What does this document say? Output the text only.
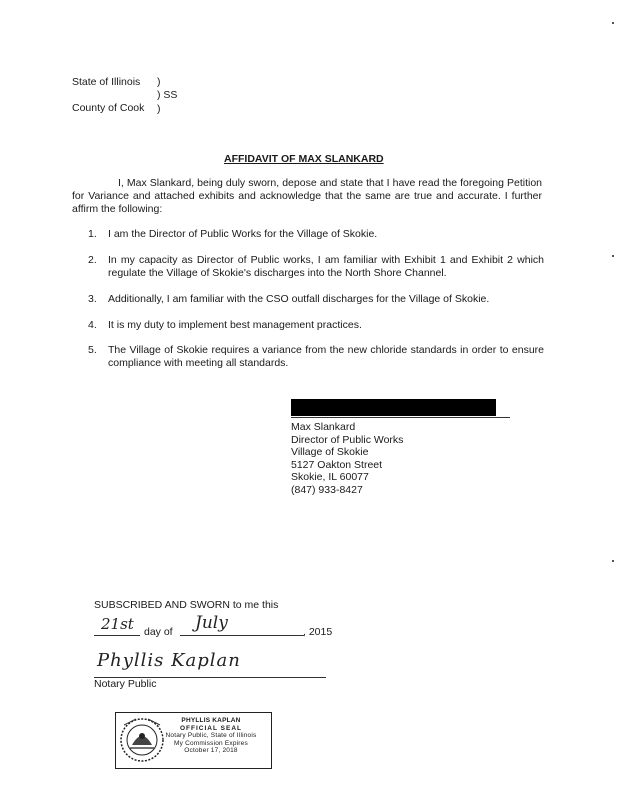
State of Illinois )
) SS
County of Cook )
AFFIDAVIT OF MAX SLANKARD
I, Max Slankard, being duly sworn, depose and state that I have read the foregoing Petition for Variance and attached exhibits and acknowledge that the same are true and accurate. I further affirm the following:
1. I am the Director of Public Works for the Village of Skokie.
2. In my capacity as Director of Public works, I am familiar with Exhibit 1 and Exhibit 2 which regulate the Village of Skokie's discharges into the North Shore Channel.
3. Additionally, I am familiar with the CSO outfall discharges for the Village of Skokie.
4. It is my duty to implement best management practices.
5. The Village of Skokie requires a variance from the new chloride standards in order to ensure compliance with meeting all standards.
Max Slankard
Director of Public Works
Village of Skokie
5127 Oakton Street
Skokie, IL 60077
(847) 933-8427
SUBSCRIBED AND SWORN to me this
21st day of July	, 2015
Phyllis Kaplan
Notary Public
PHYLLIS KAPLAN
OFFICIAL SEAL
Notary Public, State of Illinois
My Commission Expires
October 17, 2018
